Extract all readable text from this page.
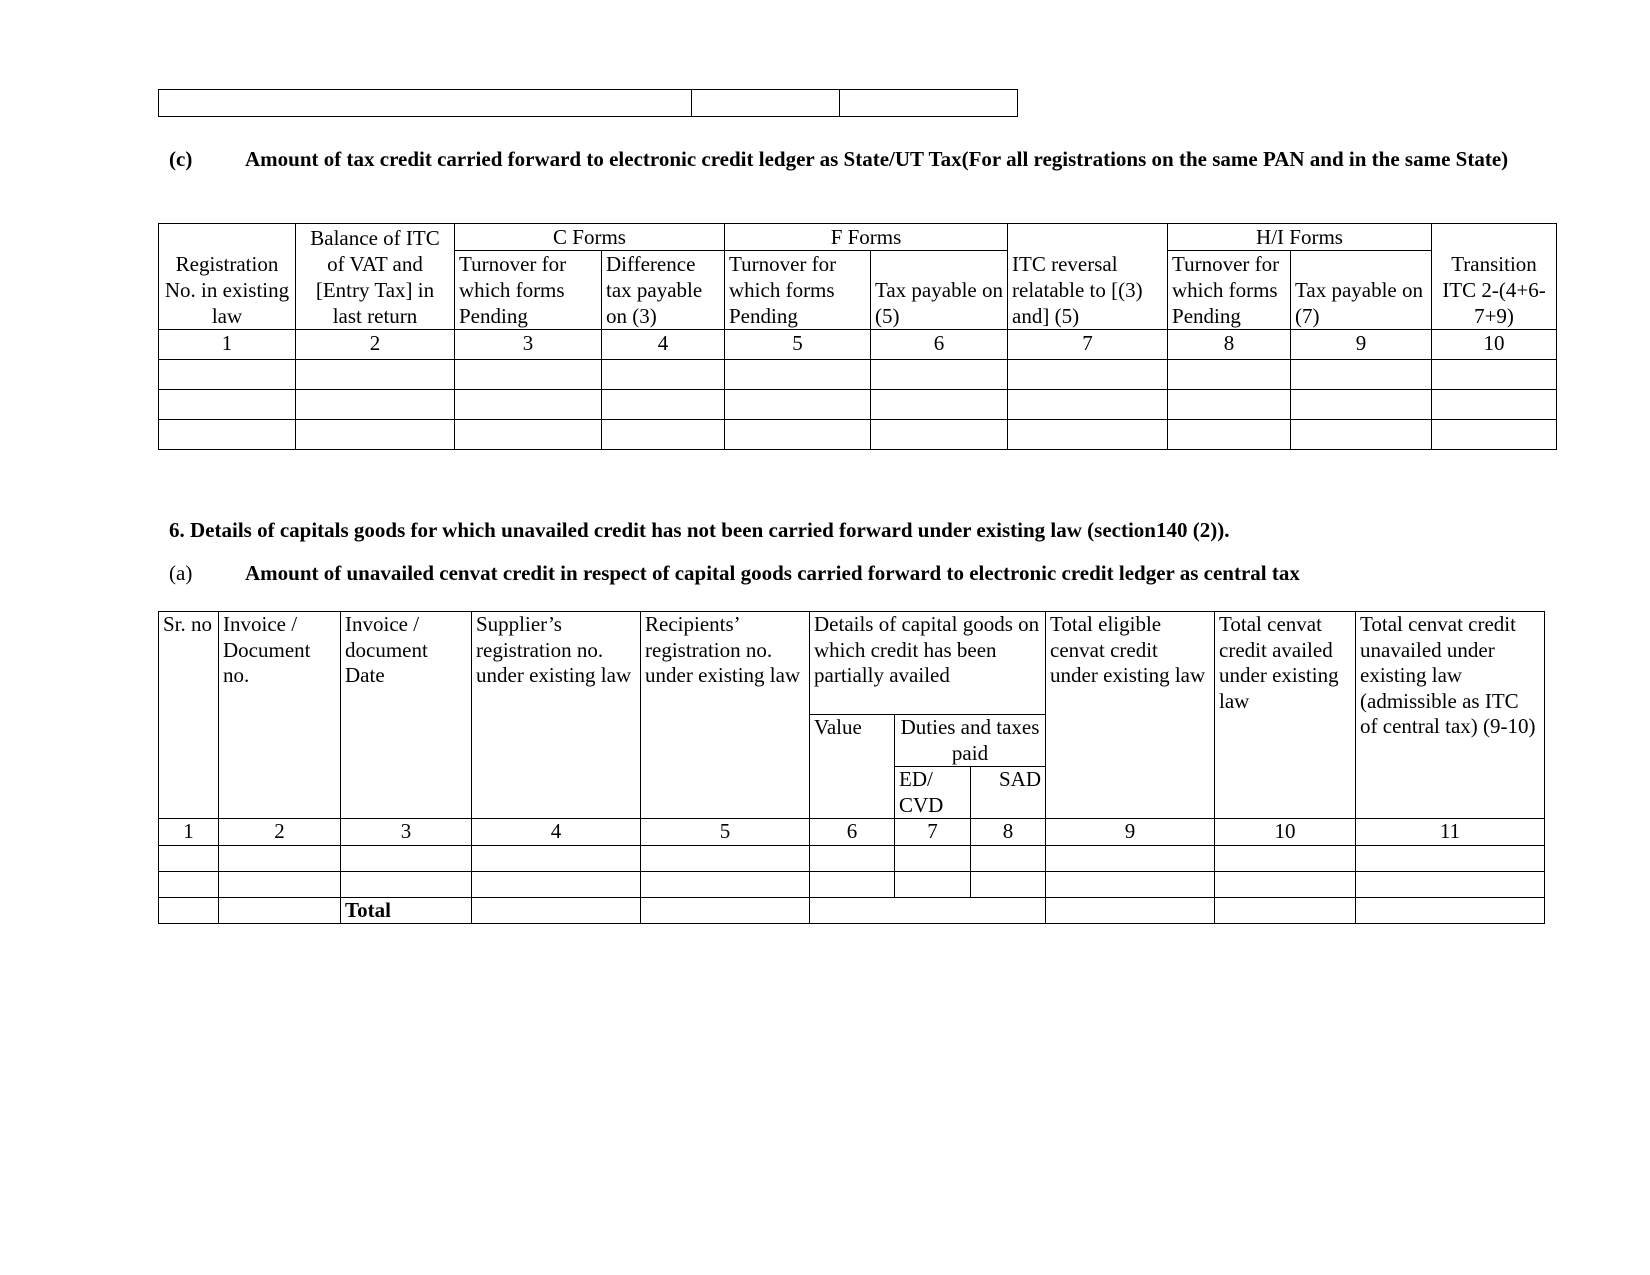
(c)	Amount of tax credit carried forward to electronic credit ledger as State/UT Tax(For all registrations on the same PAN and in the same State)
Registration No. in existing law	Balance of ITC of VAT and [Entry Tax] in last return	C Forms		F Forms		ITC reversal relatable to [(3) and] (5)	H/I Forms		Transition ITC 2-(4+6-7+9)
		Turnover for which forms Pending	Difference tax payable on (3)	Turnover for which forms Pending	Tax payable on (5)		Turnover for which forms Pending	Tax payable on (7)	
1	2	3	4	5	6	7	8	9	10

6. Details of capitals goods for which unavailed credit has not been carried forward under existing law (section140 (2)).
(a)	Amount of unavailed cenvat credit in respect of capital goods carried forward to electronic credit ledger as central tax
Sr. no	Invoice / Document no.	Invoice / document Date	Supplier’s registration no. under existing law	Recipients’ registration no. under existing law	Details of capital goods on which credit has been partially availed			Total eligible cenvat credit under existing law	Total cenvat credit availed under existing law	Total cenvat credit unavailed under existing law (admissible as ITC of central tax) (9-10)
					Value	Duties and taxes paid				
						ED/ CVD	SAD			
1	2	3	4	5	6	7	8	9	10	11

		Total								
